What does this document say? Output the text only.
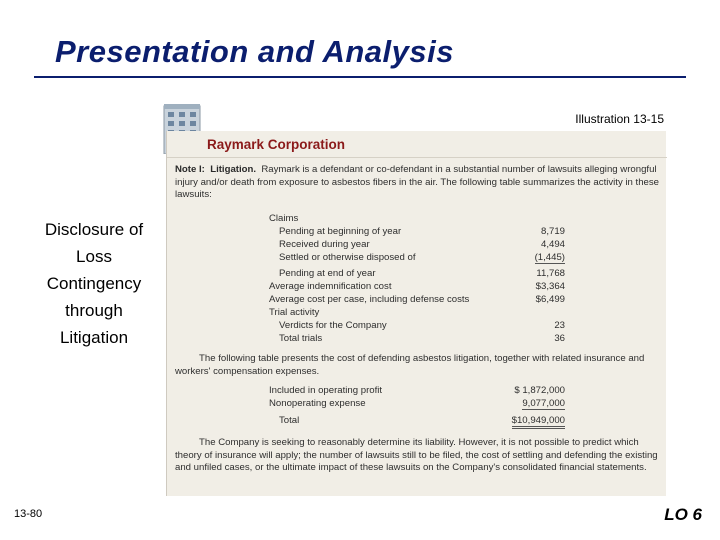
Presentation and Analysis
Illustration 13-15
Disclosure of
Loss
Contingency
through
Litigation
Raymark Corporation
Note I: Litigation. Raymark is a defendant or co-defendant in a substantial number of lawsuits alleging wrongful injury and/or death from exposure to asbestos fibers in the air. The following table summarizes the activity in these lawsuits:
Claims
Pending at beginning of year	8,719
Received during year	4,494
Settled or otherwise disposed of	(1,445)
Pending at end of year	11,768
Average indemnification cost	$3,364
Average cost per case, including defense costs	$6,499
Trial activity
Verdicts for the Company	23
Total trials	36
The following table presents the cost of defending asbestos litigation, together with related insurance and workers' compensation expenses.
Included in operating profit	$ 1,872,000
Nonoperating expense	9,077,000
Total	$10,949,000
The Company is seeking to reasonably determine its liability. However, it is not possible to predict which theory of insurance will apply; the number of lawsuits still to be filed, the cost of settling and defending the existing and unfiled cases, or the ultimate impact of these lawsuits on the Company's consolidated financial statements.
13-80	LO 6
